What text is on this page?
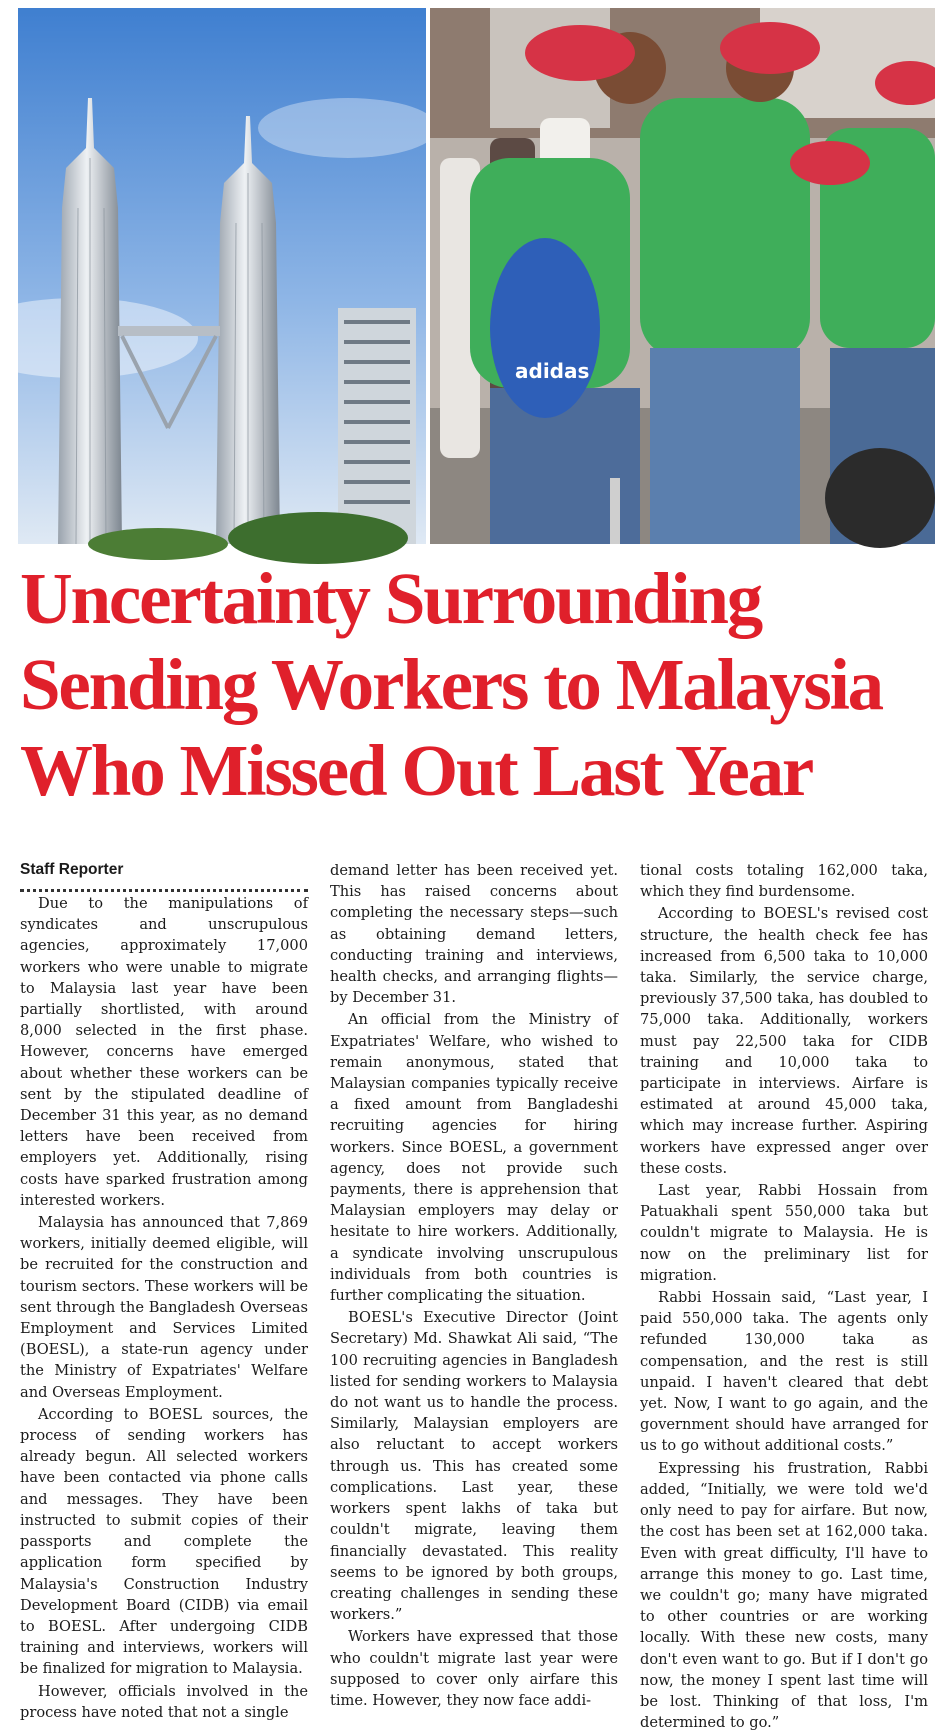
adidas
Uncertainty Surrounding
Sending Workers to Malaysia
Who Missed Out Last Year

Staff Reporter

Due to the manipulations of syndicates and unscrupulous agencies, approximately 17,000 workers who were unable to migrate to Malaysia last year have been partially shortlisted, with around 8,000 selected in the first phase. However, concerns have emerged about whether these workers can be sent by the stipulated deadline of December 31 this year, as no demand letters have been received from employers yet. Additionally, rising costs have sparked frustration among interested workers.

Malaysia has announced that 7,869 workers, initially deemed eligible, will be recruited for the construction and tourism sectors. These workers will be sent through the Bangladesh Overseas Employment and Services Limited (BOESL), a state-run agency under the Ministry of Expatriates' Welfare and Overseas Employment.

According to BOESL sources, the process of sending workers has already begun. All selected workers have been contacted via phone calls and messages. They have been instructed to submit copies of their passports and complete the application form specified by Malaysia's Construction Industry Development Board (CIDB) via email to BOESL. After undergoing CIDB training and interviews, workers will be finalized for migration to Malaysia.

However, officials involved in the process have noted that not a single

demand letter has been received yet. This has raised concerns about completing the necessary steps—such as obtaining demand letters, conducting training and interviews, health checks, and arranging flights—by December 31.

An official from the Ministry of Expatriates' Welfare, who wished to remain anonymous, stated that Malaysian companies typically receive a fixed amount from Bangladeshi recruiting agencies for hiring workers. Since BOESL, a government agency, does not provide such payments, there is apprehension that Malaysian employers may delay or hesitate to hire workers. Additionally, a syndicate involving unscrupulous individuals from both countries is further complicating the situation.

BOESL's Executive Director (Joint Secretary) Md. Shawkat Ali said, “The 100 recruiting agencies in Bangladesh listed for sending workers to Malaysia do not want us to handle the process. Similarly, Malaysian employers are also reluctant to accept workers through us. This has created some complications. Last year, these workers spent lakhs of taka but couldn't migrate, leaving them financially devastated. This reality seems to be ignored by both groups, creating challenges in sending these workers.”

Workers have expressed that those who couldn't migrate last year were supposed to cover only airfare this time. However, they now face addi-

tional costs totaling 162,000 taka, which they find burdensome.

According to BOESL's revised cost structure, the health check fee has increased from 6,500 taka to 10,000 taka. Similarly, the service charge, previously 37,500 taka, has doubled to 75,000 taka. Additionally, workers must pay 22,500 taka for CIDB training and 10,000 taka to participate in interviews. Airfare is estimated at around 45,000 taka, which may increase further. Aspiring workers have expressed anger over these costs.

Last year, Rabbi Hossain from Patuakhali spent 550,000 taka but couldn't migrate to Malaysia. He is now on the preliminary list for migration.

Rabbi Hossain said, “Last year, I paid 550,000 taka. The agents only refunded 130,000 taka as compensation, and the rest is still unpaid. I haven't cleared that debt yet. Now, I want to go again, and the government should have arranged for us to go without additional costs.”

Expressing his frustration, Rabbi added, “Initially, we were told we'd only need to pay for airfare. But now, the cost has been set at 162,000 taka. Even with great difficulty, I'll have to arrange this money to go. Last time, we couldn't go; many have migrated to other countries or are working locally. With these new costs, many don't even want to go. But if I don't go now, the money I spent last time will be lost. Thinking of that loss, I'm determined to go.”
